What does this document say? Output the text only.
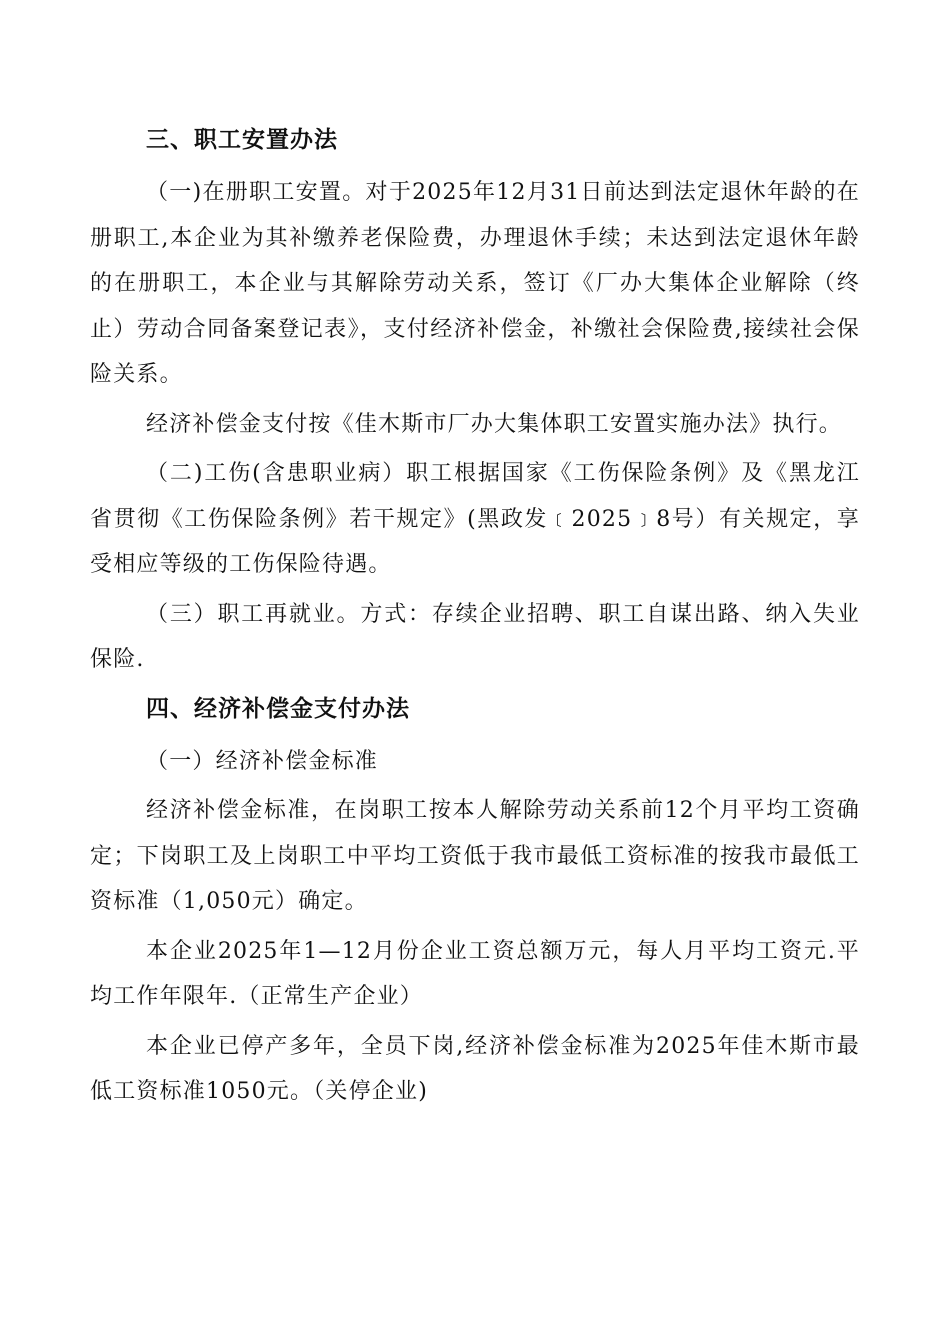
三、职工安置办法

（一)在册职工安置。对于2025年12月31日前达到法定退休年龄的在册职工,本企业为其补缴养老保险费，办理退休手续；未达到法定退休年龄的在册职工，本企业与其解除劳动关系，签订《厂办大集体企业解除（终止）劳动合同备案登记表》，支付经济补偿金，补缴社会保险费,接续社会保险关系。

经济补偿金支付按《佳木斯市厂办大集体职工安置实施办法》执行。

（二)工伤(含患职业病）职工根据国家《工伤保险条例》及《黑龙江省贯彻《工伤保险条例》若干规定》(黑政发﹝2025﹞8号）有关规定，享受相应等级的工伤保险待遇。

（三）职工再就业。方式：存续企业招聘、职工自谋出路、纳入失业保险.

四、经济补偿金支付办法

（一）经济补偿金标准

经济补偿金标准，在岗职工按本人解除劳动关系前12个月平均工资确定；下岗职工及上岗职工中平均工资低于我市最低工资标准的按我市最低工资标准（1,050元）确定。

本企业2025年1—12月份企业工资总额万元，每人月平均工资元.平均工作年限年.（正常生产企业）

本企业已停产多年，全员下岗,经济补偿金标准为2025年佳木斯市最低工资标准1050元。（关停企业)
